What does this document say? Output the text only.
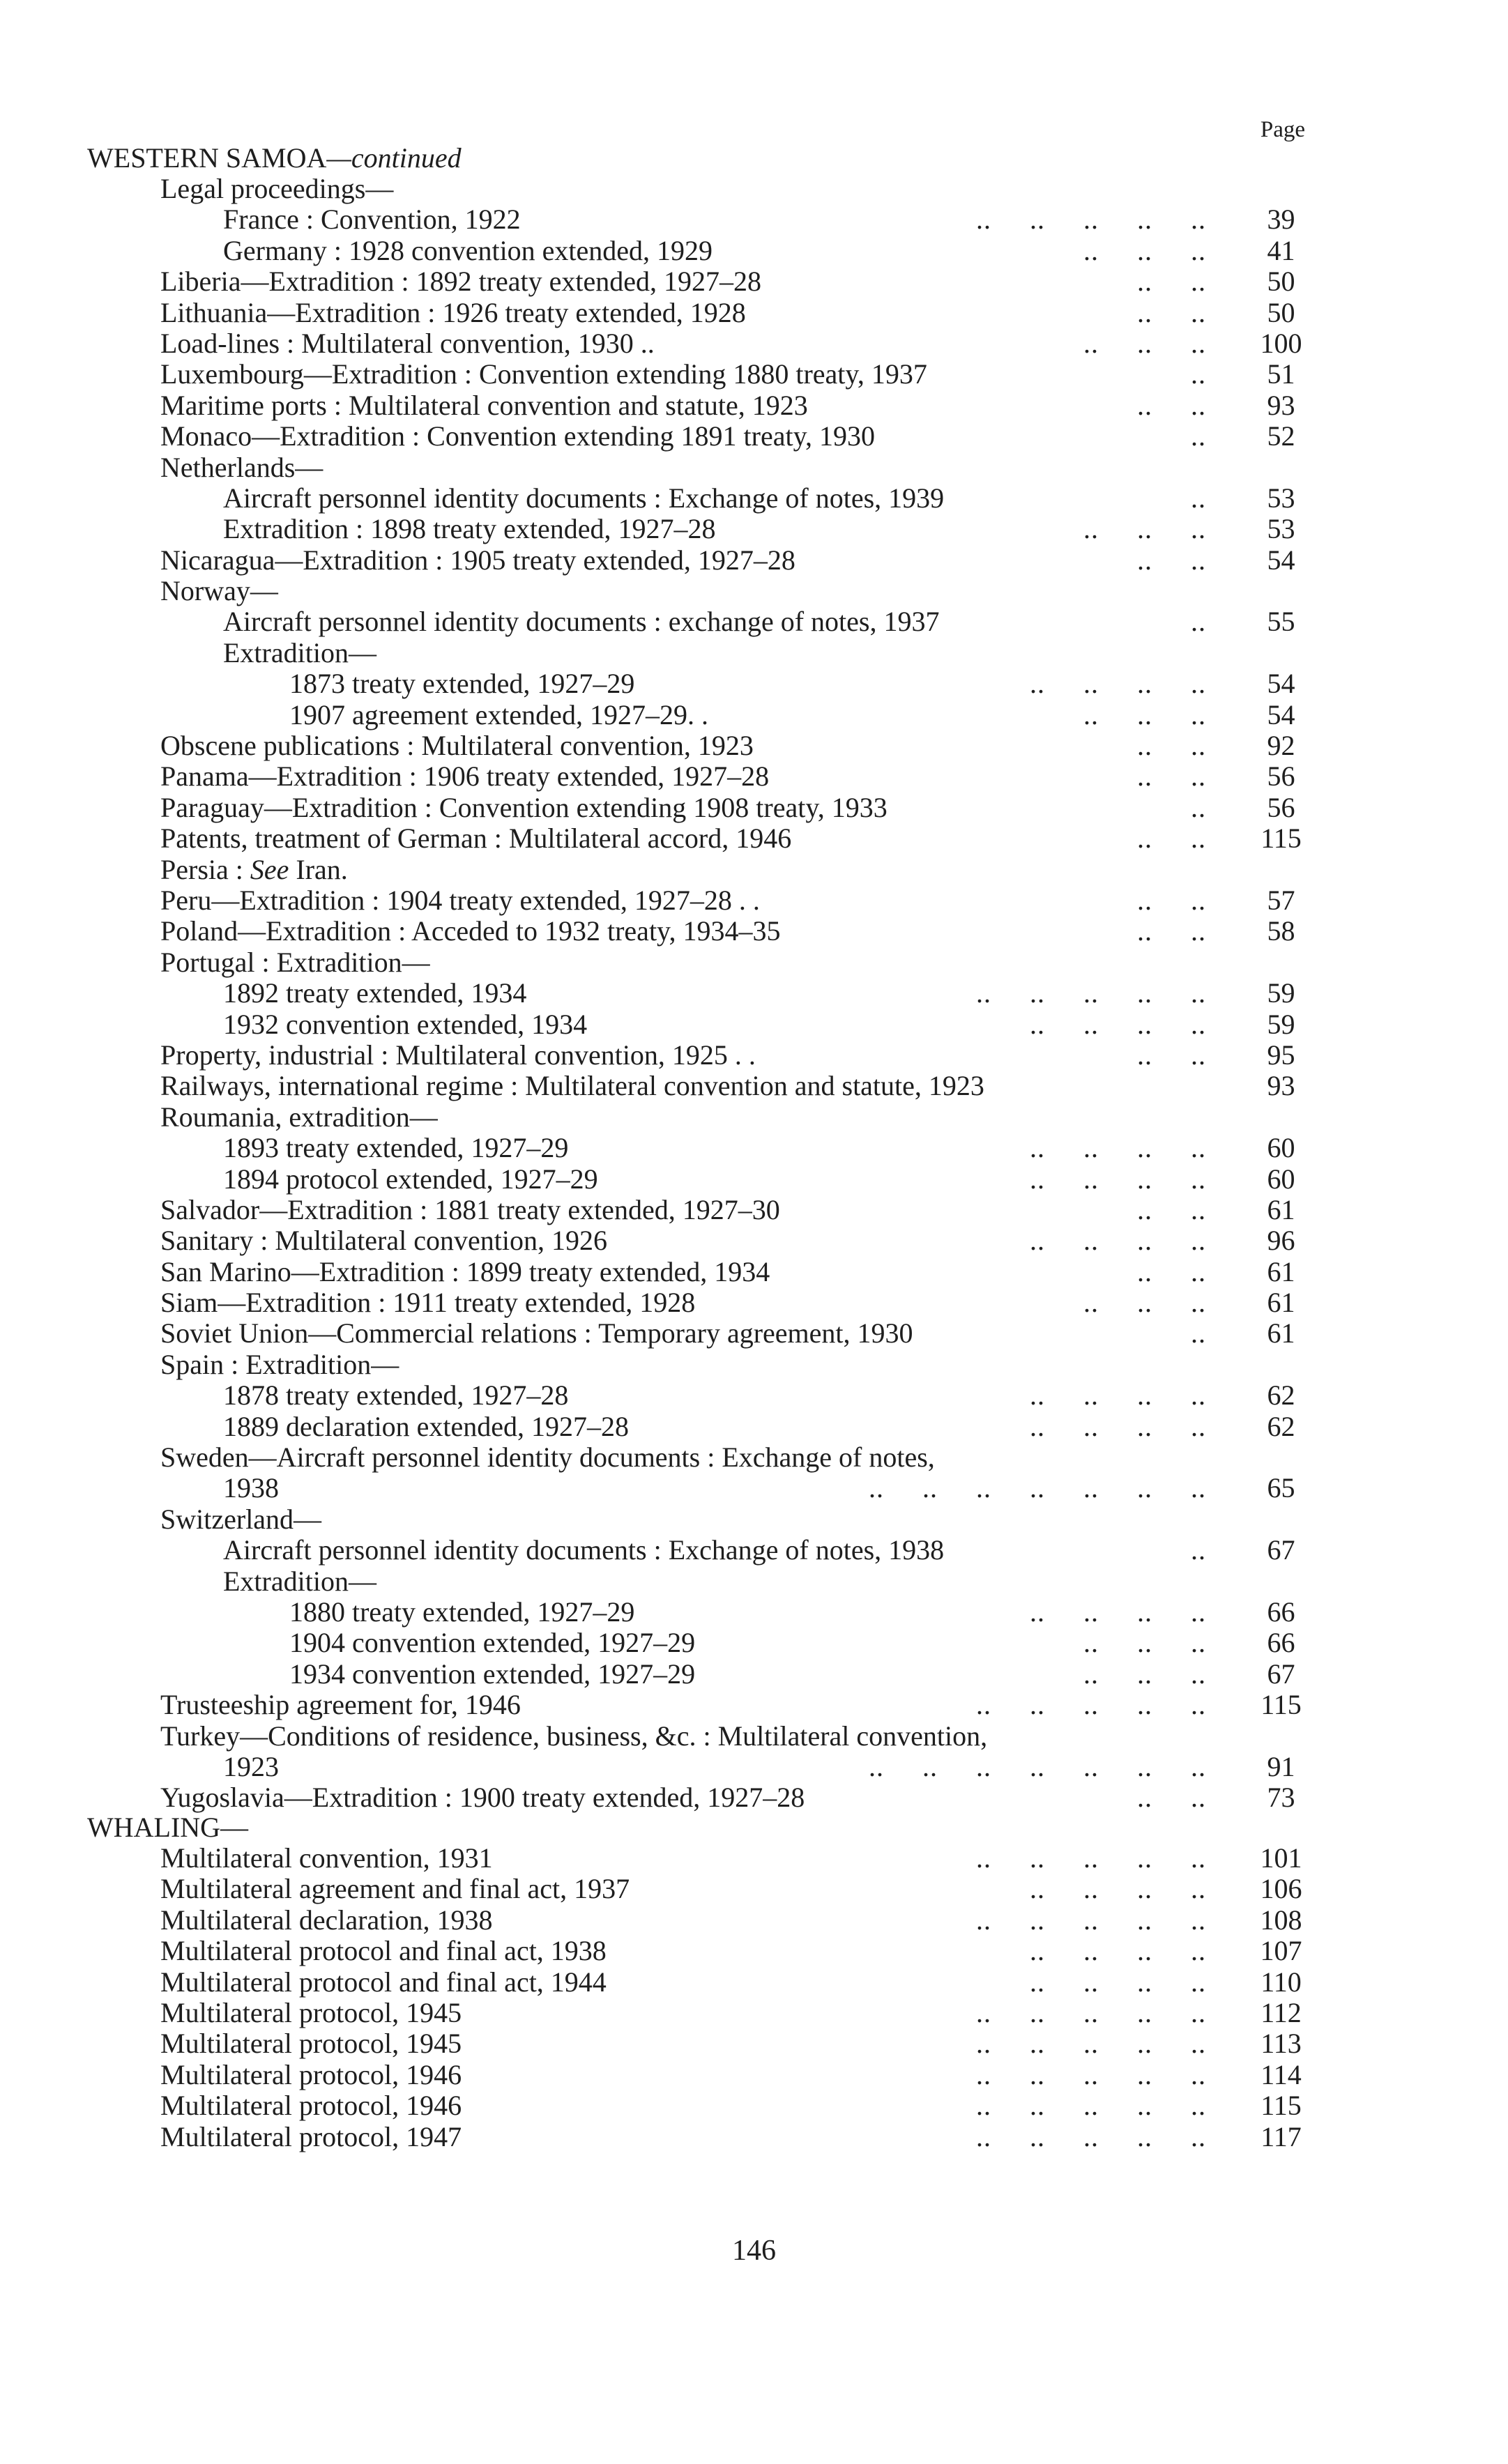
Page
WESTERN SAMOA—continued
Legal proceedings—
France : Convention, 1922	..     ..     ..     ..     ..	39
Germany : 1928 convention extended, 1929	..     ..     ..	41
Liberia—Extradition : 1892 treaty extended, 1927–28	..     ..	50
Lithuania—Extradition : 1926 treaty extended, 1928	..     ..	50
Load-lines : Multilateral convention, 1930 ..	..     ..     ..	100
Luxembourg—Extradition : Convention extending 1880 treaty, 1937	..	51
Maritime ports : Multilateral convention and statute, 1923	..     ..	93
Monaco—Extradition : Convention extending 1891 treaty, 1930	..	52
Netherlands—
Aircraft personnel identity documents : Exchange of notes, 1939	..	53
Extradition : 1898 treaty extended, 1927–28	..     ..     ..	53
Nicaragua—Extradition : 1905 treaty extended, 1927–28	..     ..	54
Norway—
Aircraft personnel identity documents : exchange of notes, 1937	..	55
Extradition—
1873 treaty extended, 1927–29	..     ..     ..     ..	54
1907 agreement extended, 1927–29. .	..     ..     ..	54
Obscene publications : Multilateral convention, 1923	..     ..	92
Panama—Extradition : 1906 treaty extended, 1927–28	..     ..	56
Paraguay—Extradition : Convention extending 1908 treaty, 1933	..	56
Patents, treatment of German : Multilateral accord, 1946	..     ..	115
Persia : See Iran.
Peru—Extradition : 1904 treaty extended, 1927–28 . .	..     ..	57
Poland—Extradition : Acceded to 1932 treaty, 1934–35	..     ..	58
Portugal : Extradition—
1892 treaty extended, 1934	..     ..     ..     ..     ..	59
1932 convention extended, 1934	..     ..     ..     ..	59
Property, industrial : Multilateral convention, 1925 . .	..     ..	95
Railways, international regime : Multilateral convention and statute, 1923	93
Roumania, extradition—
1893 treaty extended, 1927–29	..     ..     ..     ..	60
1894 protocol extended, 1927–29	..     ..     ..     ..	60
Salvador—Extradition : 1881 treaty extended, 1927–30	..     ..	61
Sanitary : Multilateral convention, 1926	..     ..     ..     ..	96
San Marino—Extradition : 1899 treaty extended, 1934	..     ..	61
Siam—Extradition : 1911 treaty extended, 1928	..     ..     ..	61
Soviet Union—Commercial relations : Temporary agreement, 1930	..	61
Spain : Extradition—
1878 treaty extended, 1927–28	..     ..     ..     ..	62
1889 declaration extended, 1927–28	..     ..     ..     ..	62
Sweden—Aircraft personnel identity documents : Exchange of notes,
1938	..     ..     ..     ..     ..     ..     ..	65
Switzerland—
Aircraft personnel identity documents : Exchange of notes, 1938	..	67
Extradition—
1880 treaty extended, 1927–29	..     ..     ..     ..	66
1904 convention extended, 1927–29	..     ..     ..	66
1934 convention extended, 1927–29	..     ..     ..	67
Trusteeship agreement for, 1946	..     ..     ..     ..     ..	115
Turkey—Conditions of residence, business, &c. : Multilateral convention,
1923	..     ..     ..     ..     ..     ..     ..	91
Yugoslavia—Extradition : 1900 treaty extended, 1927–28	..     ..	73
WHALING—
Multilateral convention, 1931	..     ..     ..     ..     ..	101
Multilateral agreement and final act, 1937	..     ..     ..     ..	106
Multilateral declaration, 1938	..     ..     ..     ..     ..	108
Multilateral protocol and final act, 1938	..     ..     ..     ..	107
Multilateral protocol and final act, 1944	..     ..     ..     ..	110
Multilateral protocol, 1945	..     ..     ..     ..     ..	112
Multilateral protocol, 1945	..     ..     ..     ..     ..	113
Multilateral protocol, 1946	..     ..     ..     ..     ..	114
Multilateral protocol, 1946	..     ..     ..     ..     ..	115
Multilateral protocol, 1947	..     ..     ..     ..     ..	117
146
